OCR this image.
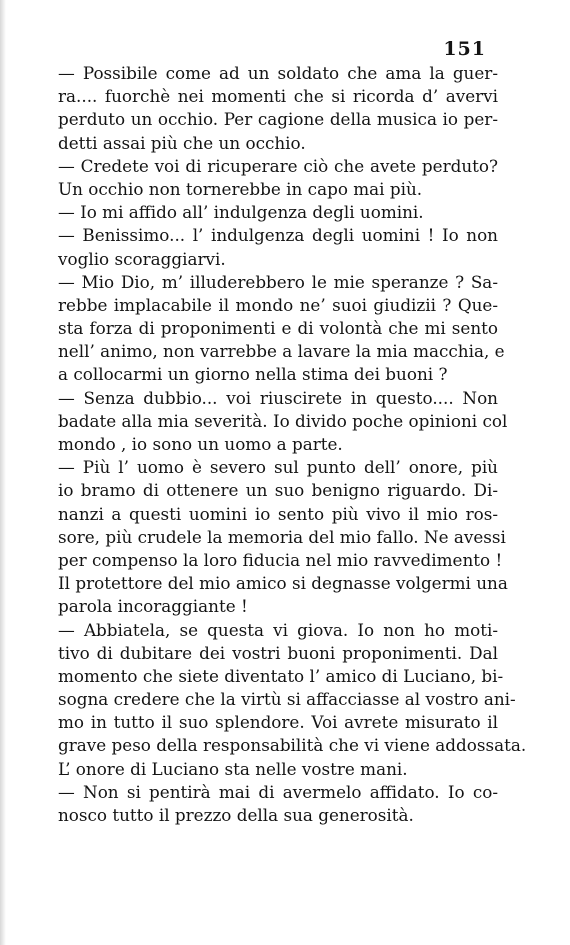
151
— Possibile come ad un soldato che ama la guer-
ra.... fuorchè nei momenti che si ricorda d’ avervi
perduto un occhio. Per cagione della musica io per-
detti assai più che un occhio.
— Credete voi di ricuperare ciò che avete perduto?
Un occhio non tornerebbe in capo mai più.
— Io mi affido all’ indulgenza degli uomini.
— Benissimo... l’ indulgenza degli uomini ! Io non
voglio scoraggiarvi.
— Mio Dio, m’ illuderebbero le mie speranze ? Sa-
rebbe implacabile il mondo ne’ suoi giudizii ? Que-
sta forza di proponimenti e di volontà che mi sento
nell’ animo, non varrebbe a lavare la mia macchia, e
a collocarmi un giorno nella stima dei buoni ?
— Senza dubbio... voi riuscirete in questo.... Non
badate alla mia severità. Io divido poche opinioni col
mondo , io sono un uomo a parte.
— Più l’ uomo è severo sul punto dell’ onore, più
io bramo di ottenere un suo benigno riguardo. Di-
nanzi a questi uomini io sento più vivo il mio ros-
sore, più crudele la memoria del mio fallo. Ne avessi
per compenso la loro fiducia nel mio ravvedimento !
Il protettore del mio amico si degnasse volgermi una
parola incoraggiante !
— Abbiatela, se questa vi giova. Io non ho moti-
tivo di dubitare dei vostri buoni proponimenti. Dal
momento che siete diventato l’ amico di Luciano, bi-
sogna credere che la virtù si affacciasse al vostro ani-
mo in tutto il suo splendore. Voi avrete misurato il
grave peso della responsabilità che vi viene addossata.
L’ onore di Luciano sta nelle vostre mani.
— Non si pentirà mai di avermelo affidato. Io co-
nosco tutto il prezzo della sua generosità.
